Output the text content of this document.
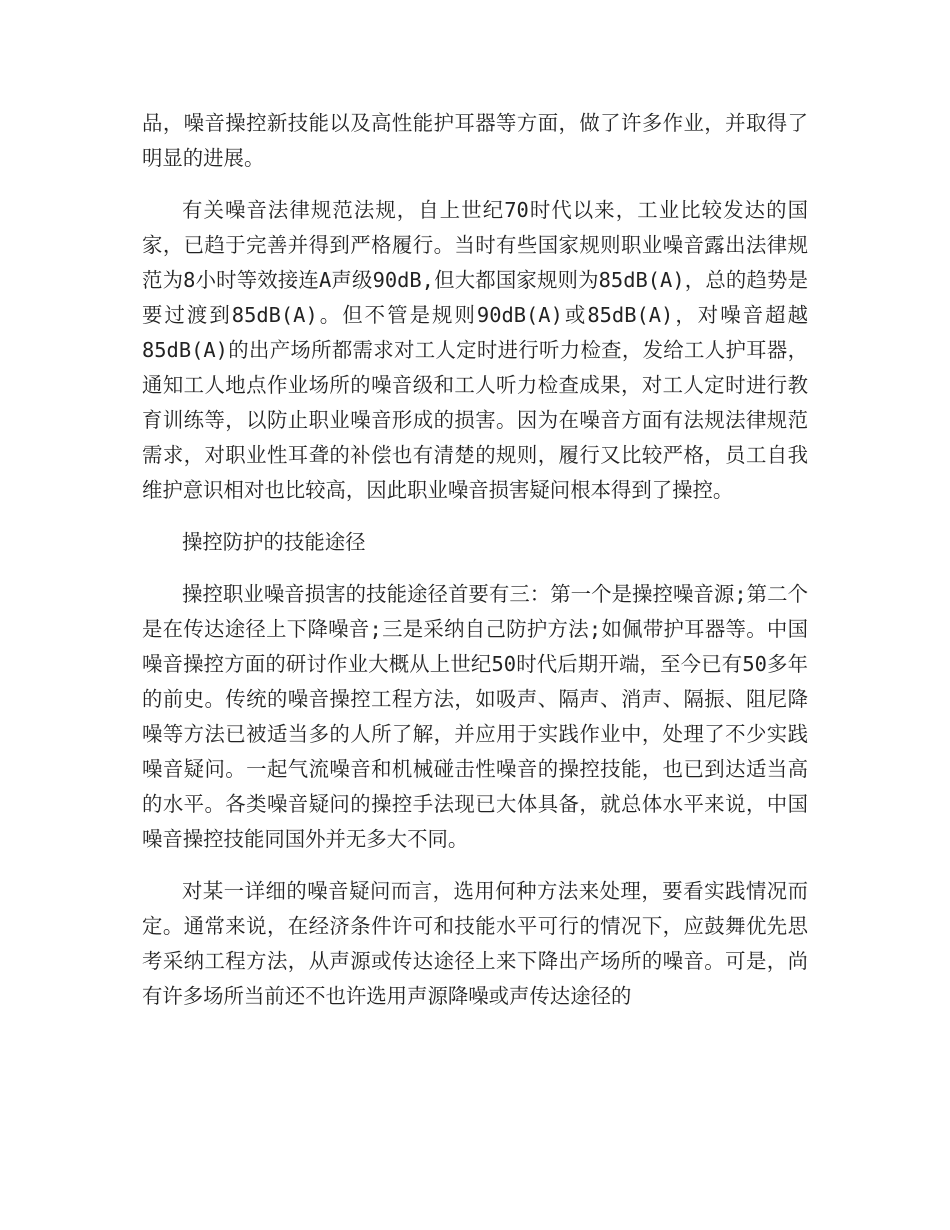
品，噪音操控新技能以及高性能护耳器等方面，做了许多作业，并取得了明显的进展。

有关噪音法律规范法规，自上世纪70时代以来，工业比较发达的国家，已趋于完善并得到严格履行。当时有些国家规则职业噪音露出法律规范为8小时等效接连A声级90dB,但大都国家规则为85dB(A)，总的趋势是要过渡到85dB(A)。但不管是规则90dB(A)或85dB(A)，对噪音超越85dB(A)的出产场所都需求对工人定时进行听力检查，发给工人护耳器，通知工人地点作业场所的噪音级和工人听力检查成果，对工人定时进行教育训练等，以防止职业噪音形成的损害。因为在噪音方面有法规法律规范需求，对职业性耳聋的补偿也有清楚的规则，履行又比较严格，员工自我维护意识相对也比较高，因此职业噪音损害疑问根本得到了操控。

操控防护的技能途径

操控职业噪音损害的技能途径首要有三：第一个是操控噪音源;第二个是在传达途径上下降噪音;三是采纳自己防护方法;如佩带护耳器等。中国噪音操控方面的研讨作业大概从上世纪50时代后期开端，至今已有50多年的前史。传统的噪音操控工程方法，如吸声、隔声、消声、隔振、阻尼降噪等方法已被适当多的人所了解，并应用于实践作业中，处理了不少实践噪音疑问。一起气流噪音和机械碰击性噪音的操控技能，也已到达适当高的水平。各类噪音疑问的操控手法现已大体具备，就总体水平来说，中国噪音操控技能同国外并无多大不同。

对某一详细的噪音疑问而言，选用何种方法来处理，要看实践情况而定。通常来说，在经济条件许可和技能水平可行的情况下，应鼓舞优先思考采纳工程方法，从声源或传达途径上来下降出产场所的噪音。可是，尚有许多场所当前还不也许选用声源降噪或声传达途径的
